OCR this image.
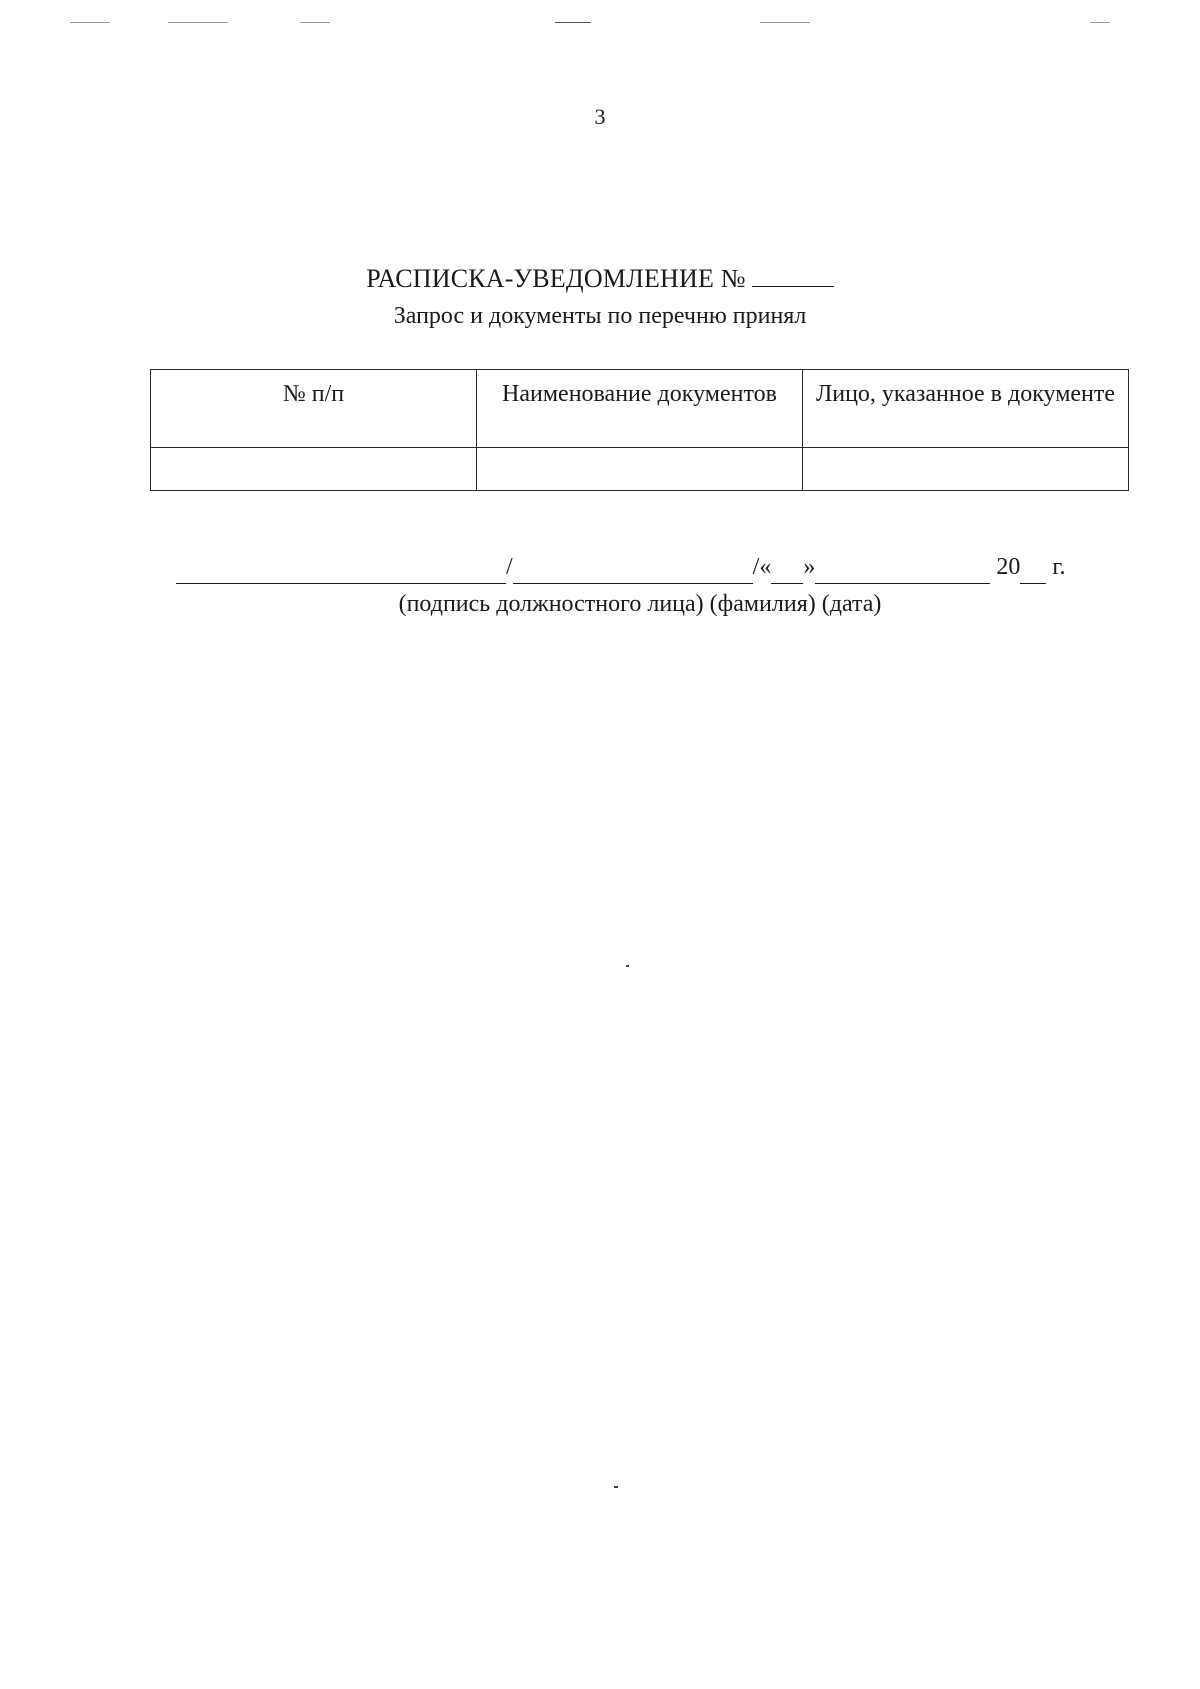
3
РАСПИСКА-УВЕДОМЛЕНИЕ №
Запрос и документы по перечню принял
№ п/п	Наименование документов	Лицо, указанное в документе

/	/« »	20 г.
(подпись должностного лица) (фамилия) (дата)
